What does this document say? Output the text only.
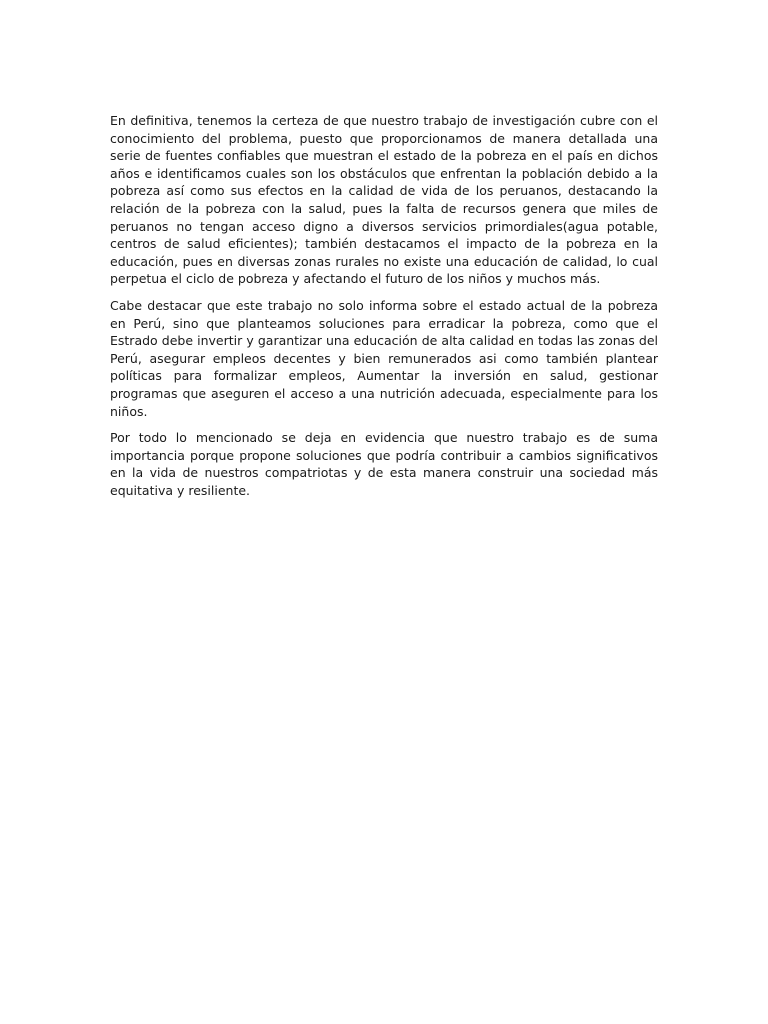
En definitiva, tenemos la certeza de que nuestro trabajo de investigación cubre con el conocimiento del problema, puesto que proporcionamos de manera detallada una serie de fuentes confiables que muestran el estado de la pobreza en el país en dichos años e identificamos cuales son los obstáculos que enfrentan la población debido a la pobreza así como sus efectos en la calidad de vida de los peruanos, destacando la relación de la pobreza con la salud, pues la falta de recursos genera que miles de peruanos no tengan acceso digno a diversos servicios primordiales(agua potable, centros de salud eficientes); también destacamos el impacto de la pobreza en la educación, pues en diversas zonas rurales no existe una educación de calidad, lo cual perpetua el ciclo de pobreza y afectando el futuro de los niños y muchos más.

Cabe destacar que este trabajo no solo informa sobre el estado actual de la pobreza en Perú, sino que planteamos soluciones para erradicar la pobreza, como que el Estrado debe invertir y garantizar una educación de alta calidad en todas las zonas del Perú, asegurar empleos decentes y bien remunerados asi como también plantear políticas para formalizar empleos, Aumentar la inversión en salud, gestionar programas que aseguren el acceso a una nutrición adecuada, especialmente para los niños.

Por todo lo mencionado se deja en evidencia que nuestro trabajo es de suma importancia porque propone soluciones que podría contribuir a cambios significativos en la vida de nuestros compatriotas y de esta manera construir una sociedad más equitativa y resiliente.
